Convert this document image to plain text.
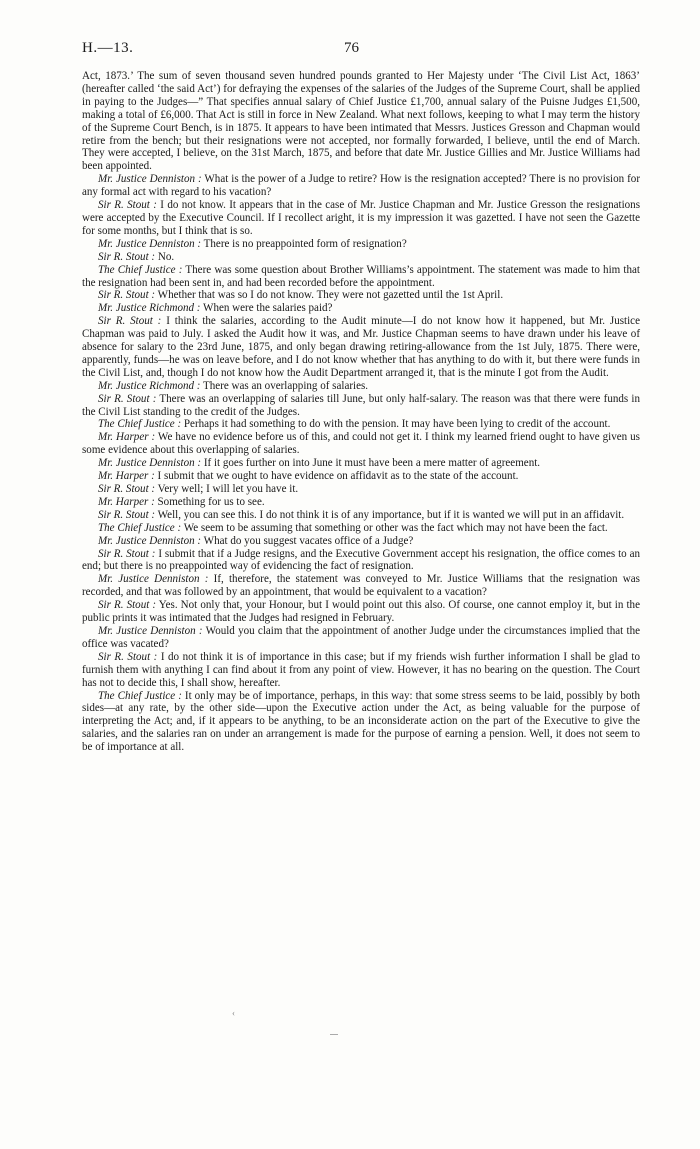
H.—13.	76

Act, 1873.’ The sum of seven thousand seven hundred pounds granted to Her Majesty under ‘The Civil List Act, 1863’ (hereafter called ‘the said Act’) for defraying the expenses of the salaries of the Judges of the Supreme Court, shall be applied in paying to the Judges—” That specifies annual salary of Chief Justice £1,700, annual salary of the Puisne Judges £1,500, making a total of £6,000. That Act is still in force in New Zealand. What next follows, keeping to what I may term the history of the Supreme Court Bench, is in 1875. It appears to have been intimated that Messrs. Justices Gresson and Chapman would retire from the bench; but their resignations were not accepted, nor formally forwarded, I believe, until the end of March. They were accepted, I believe, on the 31st March, 1875, and before that date Mr. Justice Gillies and Mr. Justice Williams had been appointed.

Mr. Justice Denniston : What is the power of a Judge to retire? How is the resignation accepted? There is no provision for any formal act with regard to his vacation?

Sir R. Stout : I do not know. It appears that in the case of Mr. Justice Chapman and Mr. Justice Gresson the resignations were accepted by the Executive Council. If I recollect aright, it is my impression it was gazetted. I have not seen the Gazette for some months, but I think that is so.

Mr. Justice Denniston : There is no preappointed form of resignation?

Sir R. Stout : No.

The Chief Justice : There was some question about Brother Williams’s appointment. The statement was made to him that the resignation had been sent in, and had been recorded before the appointment.

Sir R. Stout : Whether that was so I do not know. They were not gazetted until the 1st April.

Mr. Justice Richmond : When were the salaries paid?

Sir R. Stout : I think the salaries, according to the Audit minute—I do not know how it happened, but Mr. Justice Chapman was paid to July. I asked the Audit how it was, and Mr. Justice Chapman seems to have drawn under his leave of absence for salary to the 23rd June, 1875, and only began drawing retiring-allowance from the 1st July, 1875. There were, apparently, funds—he was on leave before, and I do not know whether that has anything to do with it, but there were funds in the Civil List, and, though I do not know how the Audit Department arranged it, that is the minute I got from the Audit.

Mr. Justice Richmond : There was an overlapping of salaries.

Sir R. Stout : There was an overlapping of salaries till June, but only half-salary. The reason was that there were funds in the Civil List standing to the credit of the Judges.

The Chief Justice : Perhaps it had something to do with the pension. It may have been lying to credit of the account.

Mr. Harper : We have no evidence before us of this, and could not get it. I think my learned friend ought to have given us some evidence about this overlapping of salaries.

Mr. Justice Denniston : If it goes further on into June it must have been a mere matter of agreement.

Mr. Harper : I submit that we ought to have evidence on affidavit as to the state of the account.

Sir R. Stout : Very well; I will let you have it.

Mr. Harper : Something for us to see.

Sir R. Stout : Well, you can see this. I do not think it is of any importance, but if it is wanted we will put in an affidavit.

The Chief Justice : We seem to be assuming that something or other was the fact which may not have been the fact.

Mr. Justice Denniston : What do you suggest vacates office of a Judge?

Sir R. Stout : I submit that if a Judge resigns, and the Executive Government accept his resignation, the office comes to an end; but there is no preappointed way of evidencing the fact of resignation.

Mr. Justice Denniston : If, therefore, the statement was conveyed to Mr. Justice Williams that the resignation was recorded, and that was followed by an appointment, that would be equivalent to a vacation?

Sir R. Stout : Yes. Not only that, your Honour, but I would point out this also. Of course, one cannot employ it, but in the public prints it was intimated that the Judges had resigned in February.

Mr. Justice Denniston : Would you claim that the appointment of another Judge under the circumstances implied that the office was vacated?

Sir R. Stout : I do not think it is of importance in this case; but if my friends wish further information I shall be glad to furnish them with anything I can find about it from any point of view. However, it has no bearing on the question. The Court has not to decide this, I shall show, hereafter.

The Chief Justice : It only may be of importance, perhaps, in this way: that some stress seems to be laid, possibly by both sides—at any rate, by the other side—upon the Executive action under the Act, as being valuable for the purpose of interpreting the Act; and, if it appears to be anything, to be an inconsiderate action on the part of the Executive to give the salaries, and the salaries ran on under an arrangement is made for the purpose of earning a pension. Well, it does not seem to be of importance at all.

‹
